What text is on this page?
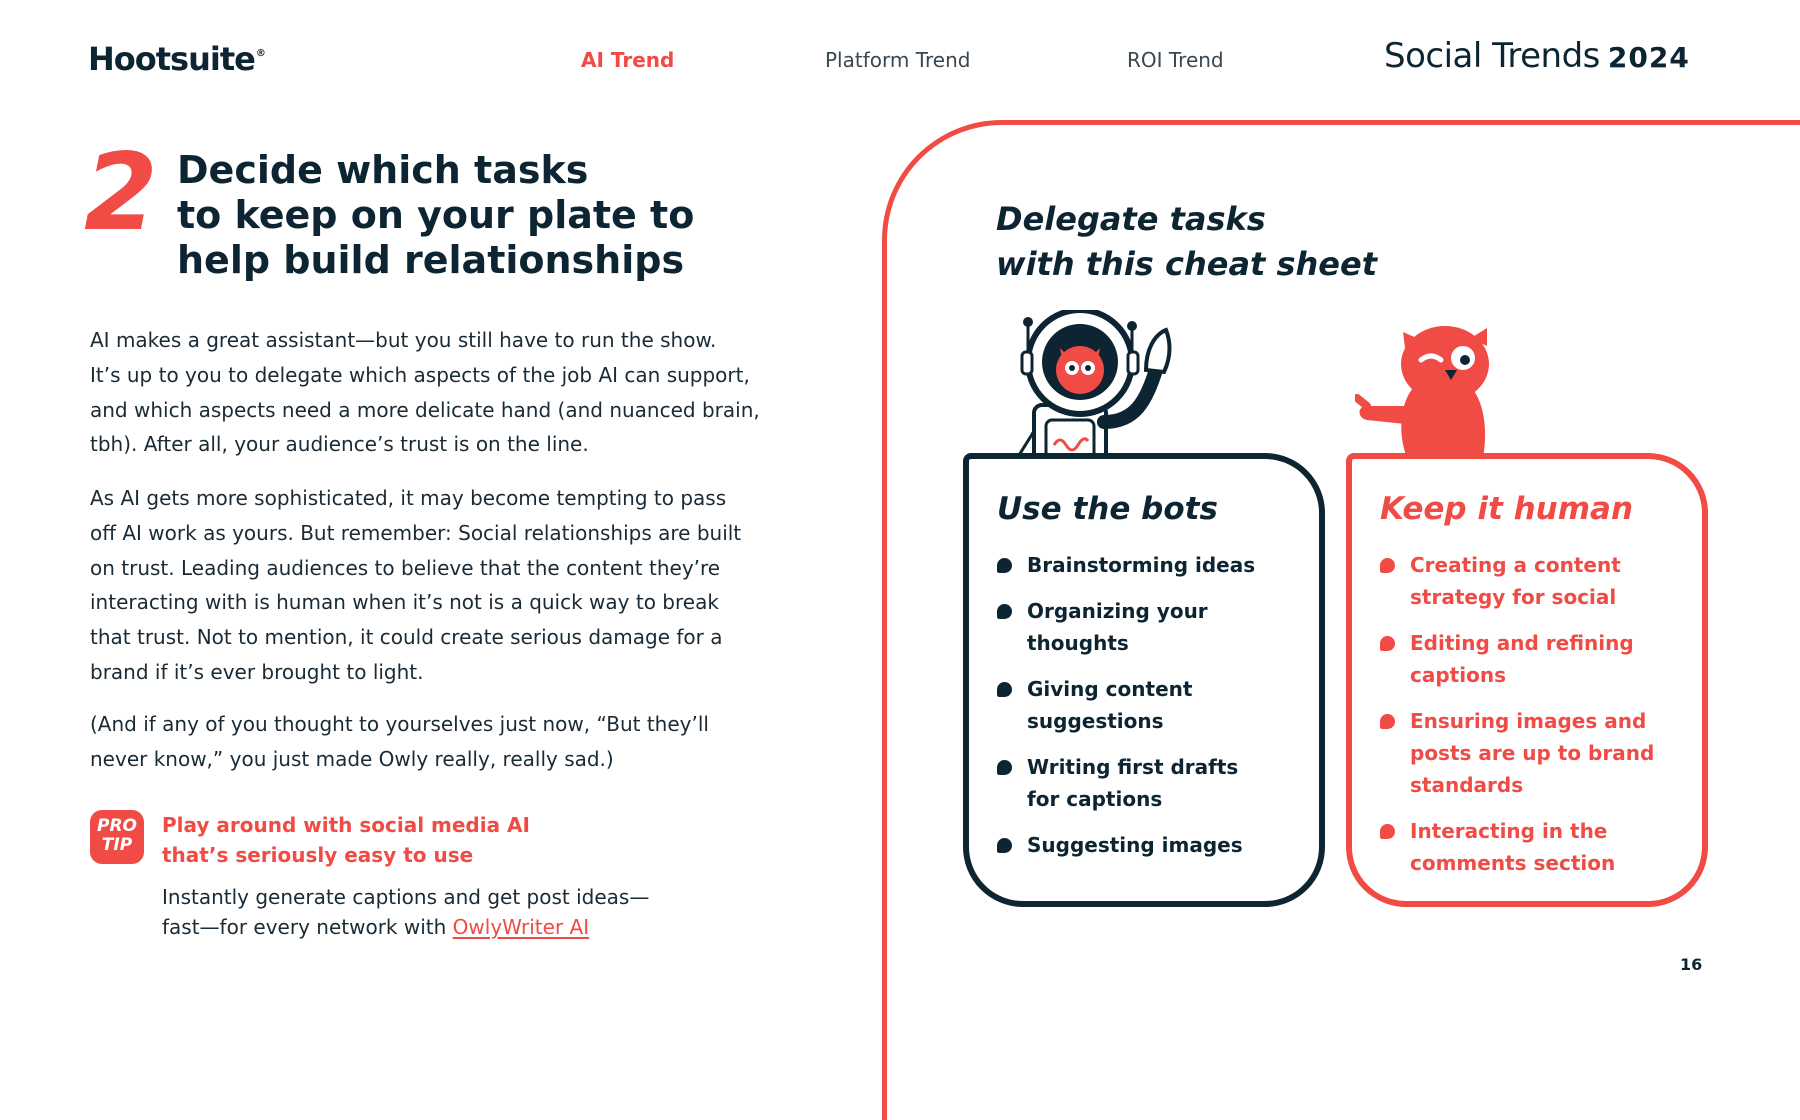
Hootsuite®	AI Trend	Platform Trend	ROI Trend	Social Trends 2024
2 Decide which tasks
to keep on your plate to
help build relationships
AI makes a great assistant—but you still have to run the show.
It’s up to you to delegate which aspects of the job AI can support,
and which aspects need a more delicate hand (and nuanced brain,
tbh). After all, your audience’s trust is on the line.
As AI gets more sophisticated, it may become tempting to pass
off AI work as yours. But remember: Social relationships are built
on trust. Leading audiences to believe that the content they’re
interacting with is human when it’s not is a quick way to break
that trust. Not to mention, it could create serious damage for a
brand if it’s ever brought to light.
(And if any of you thought to yourselves just now, “But they’ll
never know,” you just made Owly really, really sad.)
PRO
TIP
Play around with social media AI
that’s seriously easy to use
Instantly generate captions and get post ideas—
fast—for every network with OwlyWriter AI
Delegate tasks
with this cheat sheet
Use the bots
Brainstorming ideas
Organizing your
thoughts
Giving content
suggestions
Writing first drafts
for captions
Suggesting images
Keep it human
Creating a content
strategy for social
Editing and refining
captions
Ensuring images and
posts are up to brand
standards
Interacting in the
comments section
16
